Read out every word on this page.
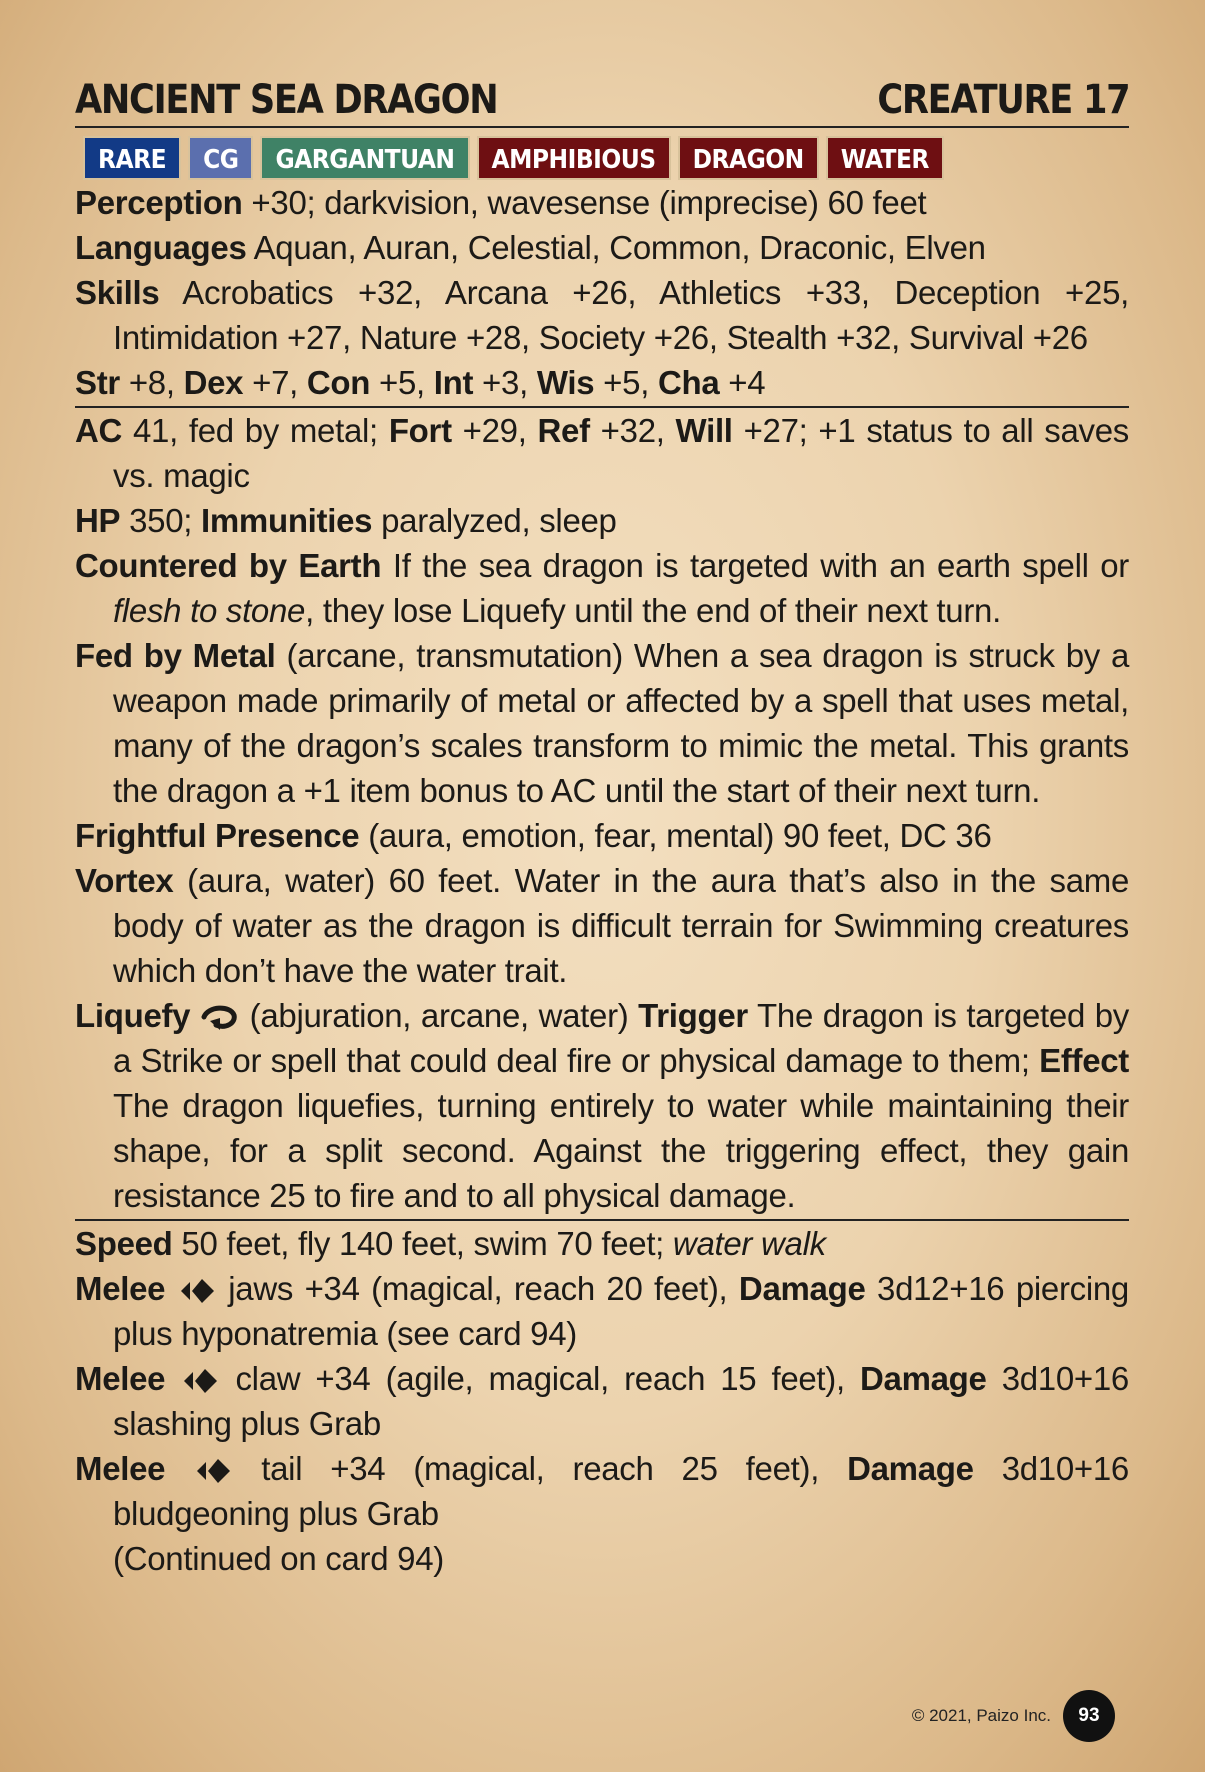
ANCIENT SEA DRAGON	CREATURE 17
RARE	CG	GARGANTUAN	AMPHIBIOUS	DRAGON	WATER
Perception +30; darkvision, wavesense (imprecise) 60 feet
Languages Aquan, Auran, Celestial, Common, Draconic, Elven
Skills Acrobatics +32, Arcana +26, Athletics +33, Deception +25, Intimidation +27, Nature +28, Society +26, Stealth +32, Survival +26
Str +8, Dex +7, Con +5, Int +3, Wis +5, Cha +4
AC 41, fed by metal; Fort +29, Ref +32, Will +27; +1 status to all saves vs. magic
HP 350; Immunities paralyzed, sleep
Countered by Earth If the sea dragon is targeted with an earth spell or flesh to stone, they lose Liquefy until the end of their next turn.
Fed by Metal (arcane, transmutation) When a sea dragon is struck by a weapon made primarily of metal or affected by a spell that uses metal, many of the dragon’s scales transform to mimic the metal. This grants the dragon a +1 item bonus to AC until the start of their next turn.
Frightful Presence (aura, emotion, fear, mental) 90 feet, DC 36
Vortex (aura, water) 60 feet. Water in the aura that’s also in the same body of water as the dragon is difficult terrain for Swimming creatures which don’t have the water trait.
Liquefy  (abjuration, arcane, water) Trigger The dragon is targeted by a Strike or spell that could deal fire or physical damage to them; Effect The dragon liquefies, turning entirely to water while maintaining their shape, for a split second. Against the triggering effect, they gain resistance 25 to fire and to all physical damage.
Speed 50 feet, fly 140 feet, swim 70 feet; water walk
Melee  jaws +34 (magical, reach 20 feet), Damage 3d12+16 piercing plus hyponatremia (see card 94)
Melee  claw +34 (agile, magical, reach 15 feet), Damage 3d10+16 slashing plus Grab
Melee  tail +34 (magical, reach 25 feet), Damage 3d10+16 bludgeoning plus Grab
(Continued on card 94)
© 2021, Paizo Inc.	93
